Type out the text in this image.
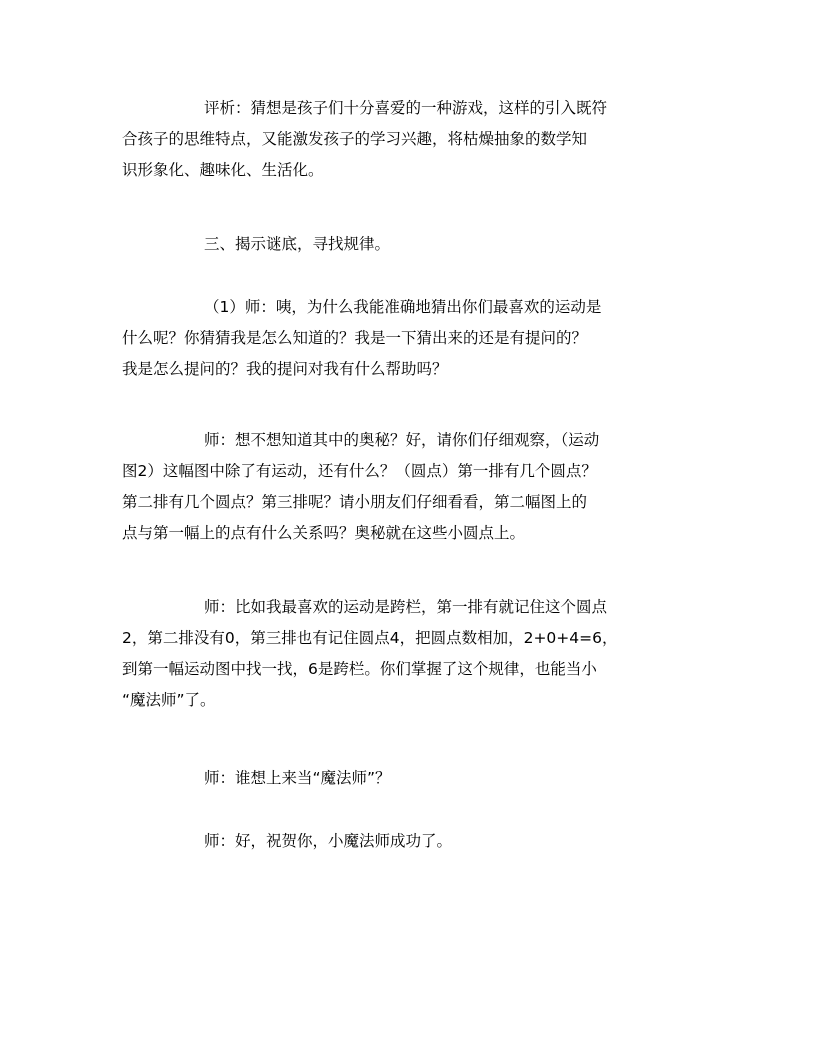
评析：猜想是孩子们十分喜爱的一种游戏，这样的引入既符
合孩子的思维特点，又能激发孩子的学习兴趣，将枯燥抽象的数学知
识形象化、趣味化、生活化。
三、揭示谜底，寻找规律。
（1）师：咦，为什么我能准确地猜出你们最喜欢的运动是
什么呢？你猜猜我是怎么知道的？我是一下猜出来的还是有提问的？
我是怎么提问的？我的提问对我有什么帮助吗？
师：想不想知道其中的奥秘？好，请你们仔细观察，（运动
图2）这幅图中除了有运动，还有什么？（圆点）第一排有几个圆点？
第二排有几个圆点？第三排呢？请小朋友们仔细看看，第二幅图上的
点与第一幅上的点有什么关系吗？奥秘就在这些小圆点上。
师：比如我最喜欢的运动是跨栏，第一排有就记住这个圆点
2，第二排没有0，第三排也有记住圆点4，把圆点数相加，2+0+4=6，
到第一幅运动图中找一找，6是跨栏。你们掌握了这个规律，也能当小
“魔法师”了。
师：谁想上来当“魔法师”？
师：好，祝贺你，小魔法师成功了。
